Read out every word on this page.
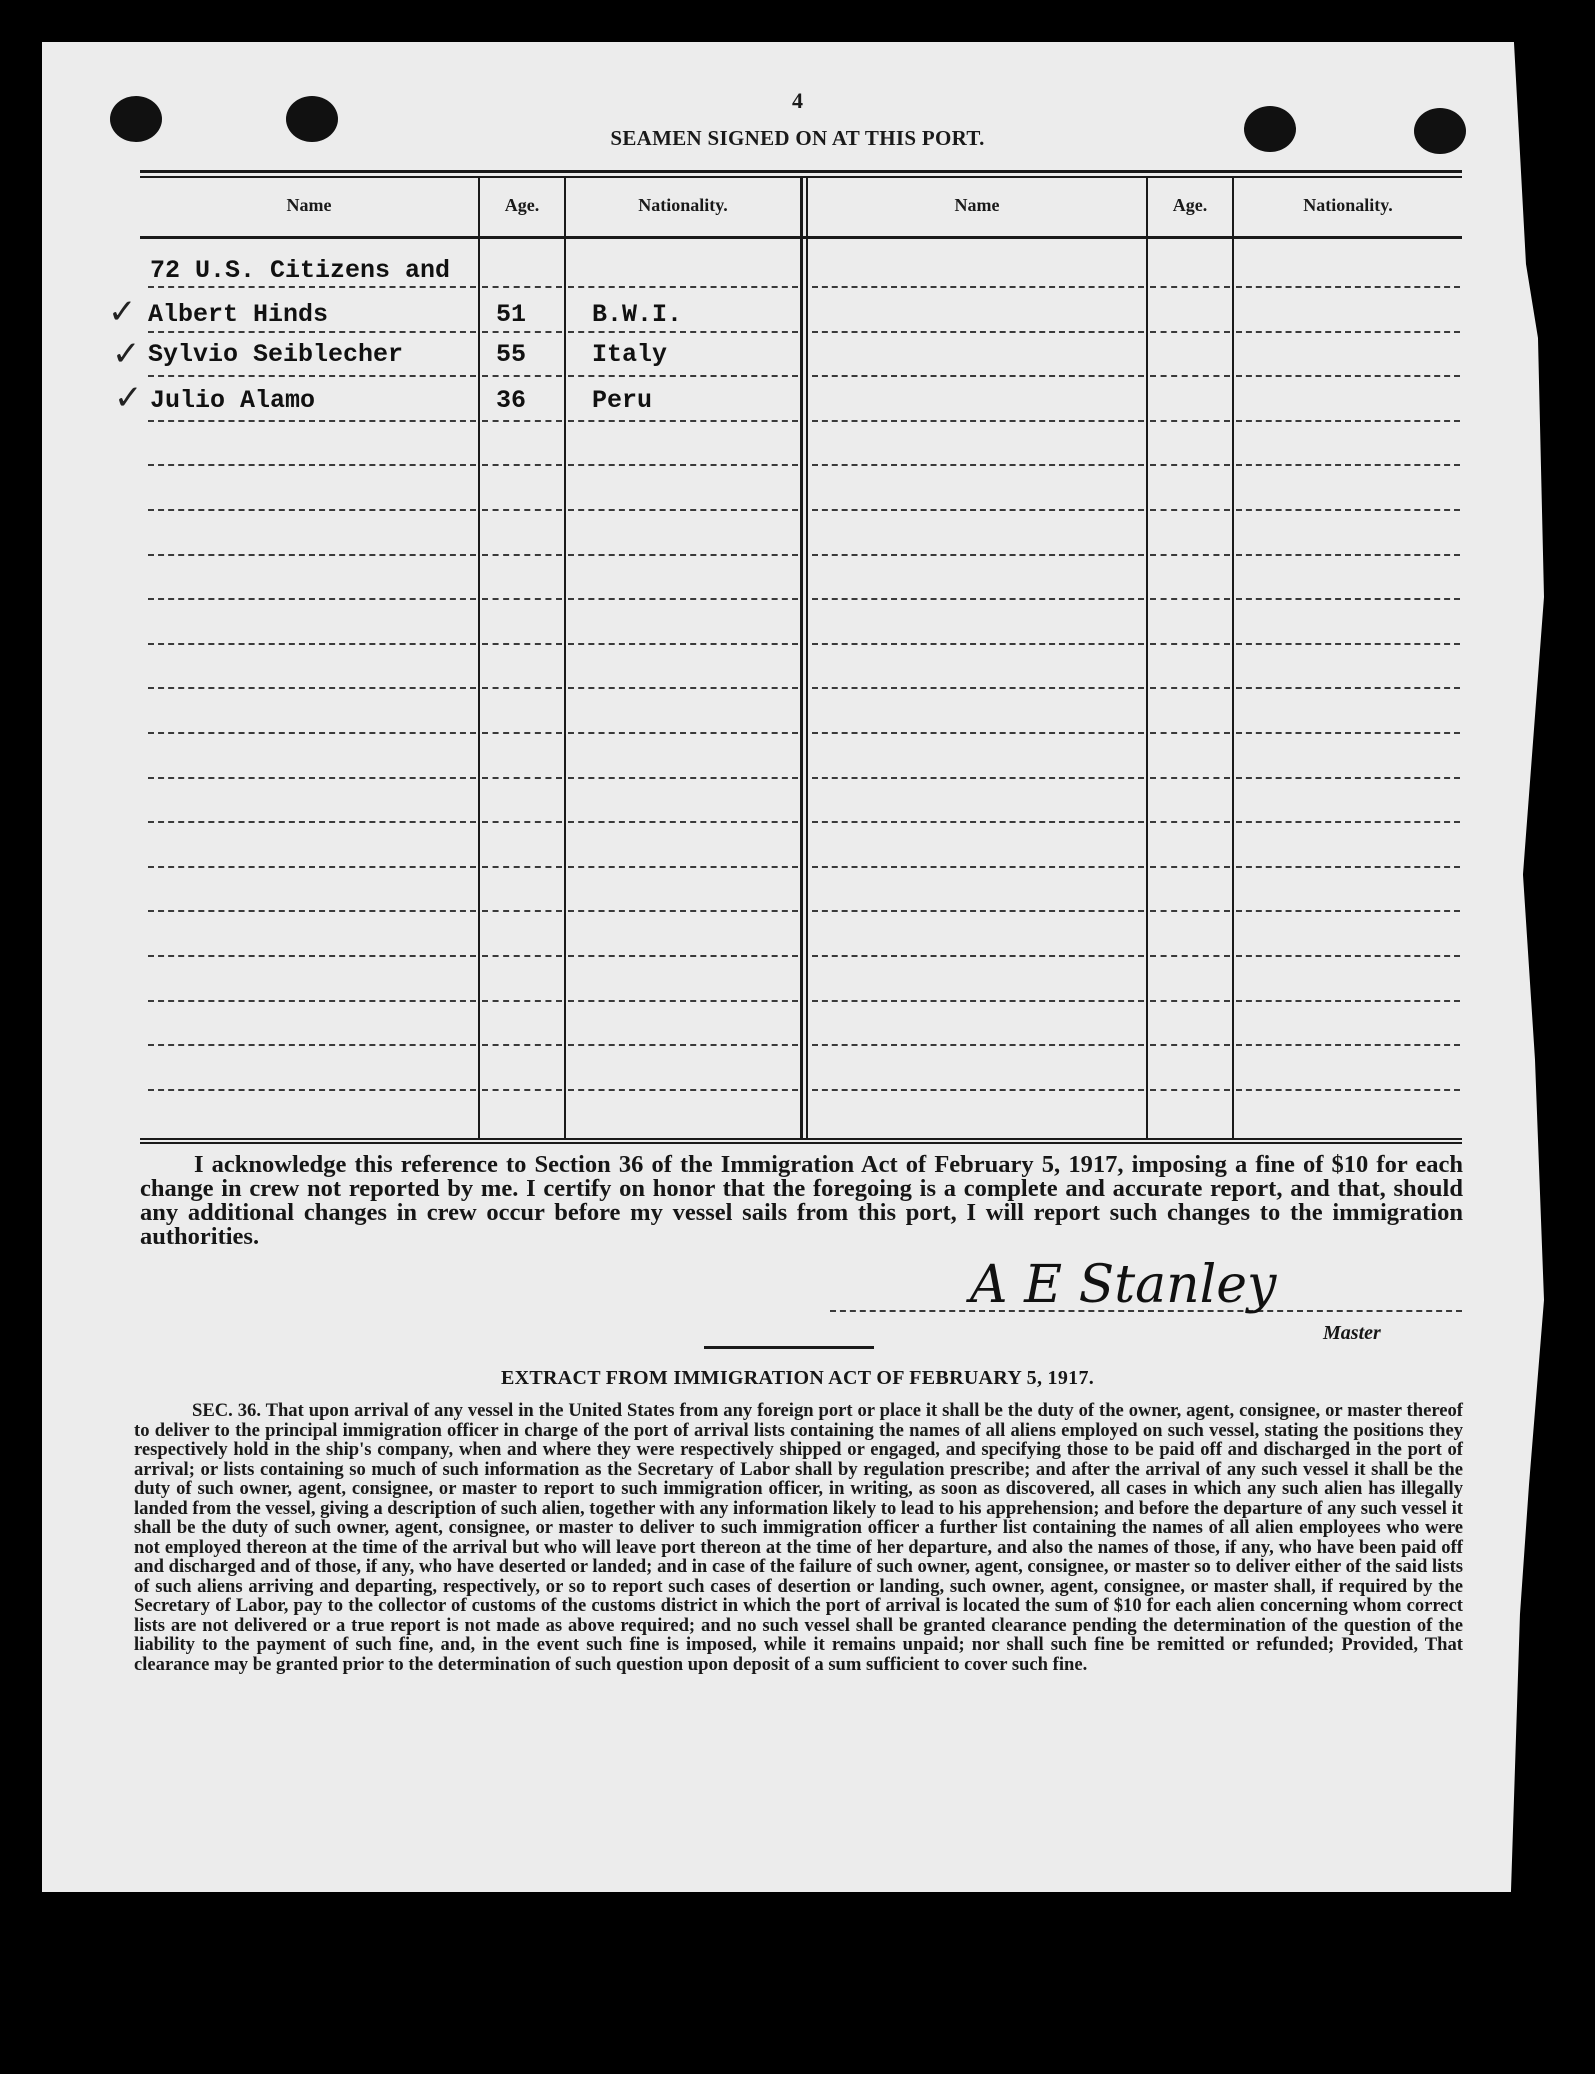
4
SEAMEN SIGNED ON AT THIS PORT.
Name	Age.	Nationality.	Name	Age.	Nationality.
72 U.S. Citizens and
✓ Albert Hinds	51	B.W.I.
✓ Sylvio Seiblecher	55	Italy
✓ Julio Alamo	36	Peru

I acknowledge this reference to Section 36 of the Immigration Act of February 5, 1917, imposing a fine of $10 for each change in crew not reported by me. I certify on honor that the foregoing is a complete and accurate report, and that, should any additional changes in crew occur before my vessel sails from this port, I will report such changes to the immigration authorities.

A E Stanley
Master
EXTRACT FROM IMMIGRATION ACT OF FEBRUARY 5, 1917.

SEC. 36. That upon arrival of any vessel in the United States from any foreign port or place it shall be the duty of the owner, agent, consignee, or master thereof to deliver to the principal immigration officer in charge of the port of arrival lists containing the names of all aliens employed on such vessel, stating the positions they respectively hold in the ship's company, when and where they were respectively shipped or engaged, and specifying those to be paid off and discharged in the port of arrival; or lists containing so much of such information as the Secretary of Labor shall by regulation prescribe; and after the arrival of any such vessel it shall be the duty of such owner, agent, consignee, or master to report to such immigration officer, in writing, as soon as discovered, all cases in which any such alien has illegally landed from the vessel, giving a description of such alien, together with any information likely to lead to his apprehension; and before the departure of any such vessel it shall be the duty of such owner, agent, consignee, or master to deliver to such immigration officer a further list containing the names of all alien employees who were not employed thereon at the time of the arrival but who will leave port thereon at the time of her departure, and also the names of those, if any, who have been paid off and discharged and of those, if any, who have deserted or landed; and in case of the failure of such owner, agent, consignee, or master so to deliver either of the said lists of such aliens arriving and departing, respectively, or so to report such cases of desertion or landing, such owner, agent, consignee, or master shall, if required by the Secretary of Labor, pay to the collector of customs of the customs district in which the port of arrival is located the sum of $10 for each alien concerning whom correct lists are not delivered or a true report is not made as above required; and no such vessel shall be granted clearance pending the determination of the question of the liability to the payment of such fine, and, in the event such fine is imposed, while it remains unpaid; nor shall such fine be remitted or refunded; Provided, That clearance may be granted prior to the determination of such question upon deposit of a sum sufficient to cover such fine.
